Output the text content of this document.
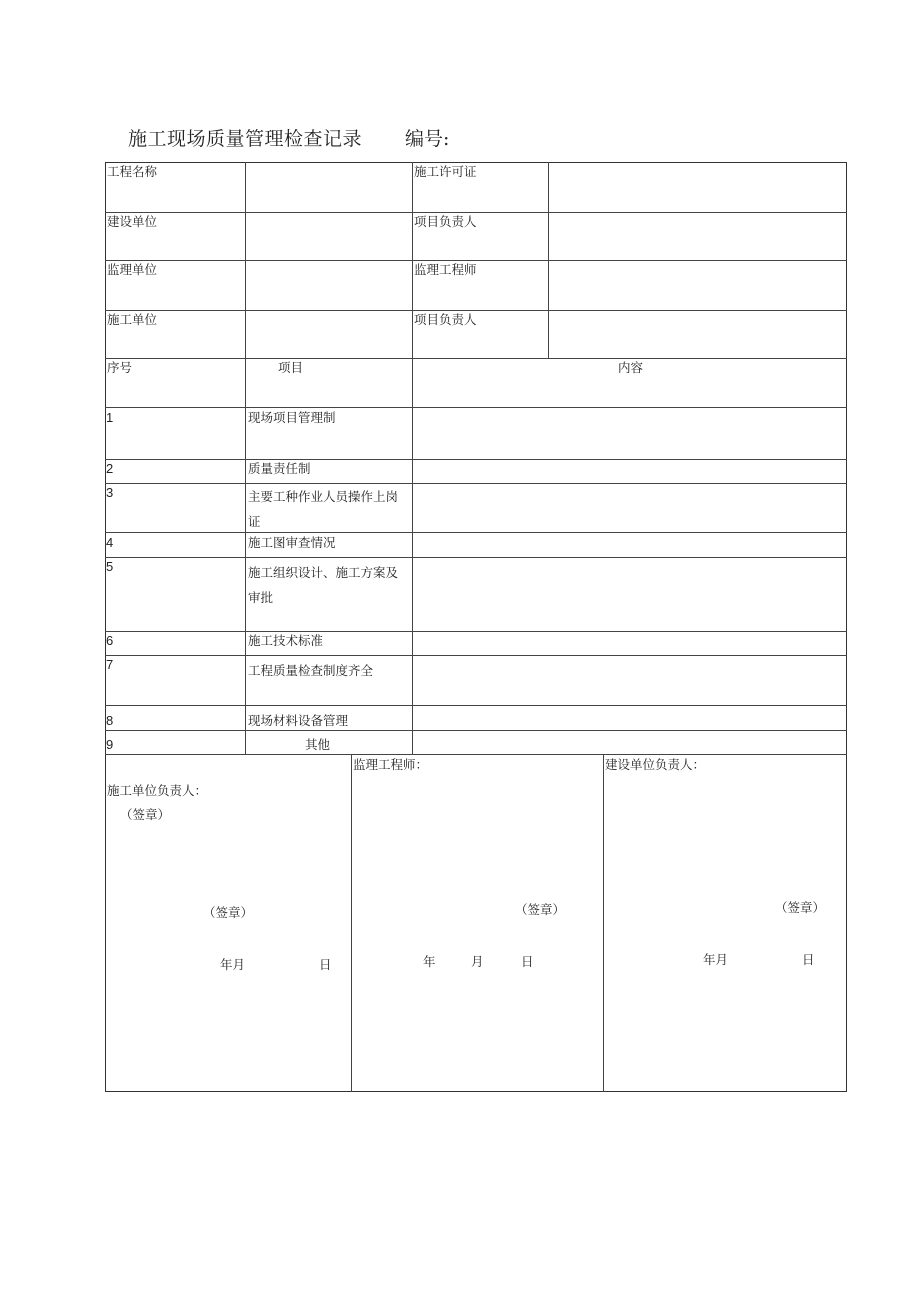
施工现场质量管理检查记录 编号:
工程名称	施工许可证
建设单位	项目负责人
监理单位	监理工程师
施工单位	项目负责人
序号	项目	内容
1	现场项目管理制
2	质量责任制
3	主要工种作业人员操作上岗证
4	施工图审查情况
5	施工组织设计、施工方案及审批
6	施工技术标准
7	工程质量检查制度齐全
8	现场材料设备管理
9	其他
施工单位负责人：
（签章）
（签章）
年月	日
监理工程师：
（签章）
年	月	日
建设单位负责人：
（签章）
年月	日
